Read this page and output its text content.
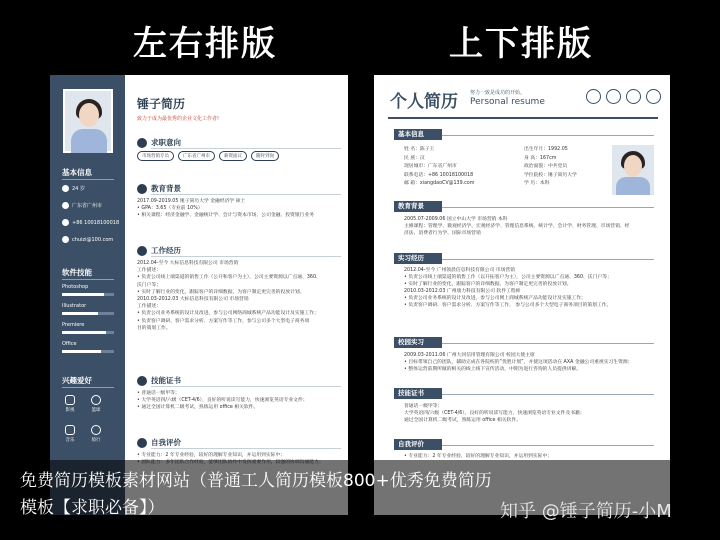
左右排版	上下排版
基本信息
24 岁
广东省广州市
+86 10018100018
chuizi@100.com
软件技能
Photoshop
Illustrator
Premiere
Office
兴趣爱好
影视	篮球
音乐	骑行
锤子简历
致力于成为最优秀的企业文化工作者!
求职意向
市场营销专员	广东省广州市	薪资面议	随时到岗
教育背景

2017.09-2019.05 锤子简历大学 金融经济学 硕士

• GPA：3.65（专业前 10%）

• 相关课程：经济金融学、金融统计学、会计与资本市场、公司金融、投资银行业务

工作经历

2012.04-至今 大标信息科技有限公司 市场营销

工作描述：

• 负责公司线上端渠道的销售工作（公开和客户为主），公司主要资源以广点通、360、

沃门户等；

• 实时了解行业的变化，跟踪客户的详细数据，为客户制定更完善的投放计划。

2010.03-2012.03 大标信息科技有限公司 市场营销

工作描述：

• 负责公司业务系统的设计及改进，参与公司网络商城系统产品功能设计及实施工作；

• 负责客户调研、客户需求分析、方案写作等工作，参与公司多个大型电子商务项

目的策划工作。

技能证书

• 普通话一级甲等；

• 大学英语四/六级（CET-4/6），良好的听说读写能力，快速浏览英语专业文件；

• 通过全国计算机二级考试，熟练运用 office 相关软件。

自我评价

• 专业能力：2 年专业经验，较好的理解专业知识，并运用到实际中；

个人简历 努力一致是成功的开始。
Personal resume
基本信息
姓 名：陈子王	出生年月：1992.05
民 族：汉	身 高：167cm
现居城市：广东省广州市	政治面貌：中共党员
联系电话：+86 10018100018	学位院校：锤子简历大学
邮 箱：xiangdaoCV@139.com	学 历：本科
教育背景

2005.07-2009.06 国立中山大学 市场营销 本科

主修课程：管理学、微观经济学、宏观经济学、管理信息系统、统计学、会计学、财务管理、市场营销、经

济法、消费者行为学、国际市场营销

实习经历

2012.04-至今 广州领晨信息科技有限公司 市场营销

• 负责公司线上端渠道的销售工作（以开拓客户为主），公司主要资源以广点通、360、沃门户等；

• 实时了解行业的变化，跟踪客户的详细数据，为客户制定更完善的投放计划。

2010.03-2012.03 广州康力科技有限公司 软件工程师

• 负责公司业务系统的设计及改进，参与公司网上商城系统产品功能设计及实施工作；

• 负责客户调研、客户需求分析、方案写作等工作， 参与公司多个大型电子商务项目的策划工作。

校园实习

2009.03-2011.06 广州大同信用管理有限公司 校园大使主席

• 目标带领自己的团队，辅助完成在各院校的“优胜计划”，并使这项活动在 AXA 金融公司重视实习生资源；

• 整体运营前期所做的相关的线上线下宣传活动，中期为进行咨询的人员提供讲解。

技能证书

普通话一级甲等；

大学英语四/六级（CET-4/6），良好的听说读写能力，快速浏览英语专业文件及书籍；

通过全国计算机二级考试，熟练运用 office 相关软件。

自我评价

• 专业能力：2 年专业经验，较好的理解专业知识，并运用到实际中；

免费简历模板素材网站（普通工人简历模板800+优秀免费简历模板【求职必备】）	知乎 @锤子简历-小M
